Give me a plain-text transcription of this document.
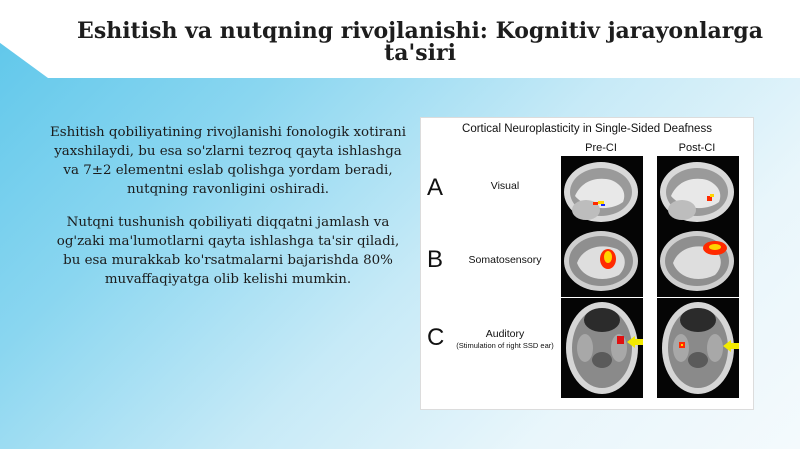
Eshitish va nutqning rivojlanishi: Kognitiv jarayonlarga ta'siri
Eshitish qobiliyatining rivojlanishi fonologik xotirani yaxshilaydi, bu esa so'zlarni tezroq qayta ishlashga va 7±2 elementni eslab qolishga yordam beradi, nutqning ravonligini oshiradi.
Nutqni tushunish qobiliyati diqqatni jamlash va og'zaki ma'lumotlarni qayta ishlashga ta'sir qiladi, bu esa murakkab ko'rsatmalarni bajarishda 80% muvaffaqiyatga olib kelishi mumkin.
Cortical Neuroplasticity in Single-Sided Deafness
Pre-CI	Post-CI
A	Visual
B	Somatosensory
C	Auditory
(Stimulation of right SSD ear)
